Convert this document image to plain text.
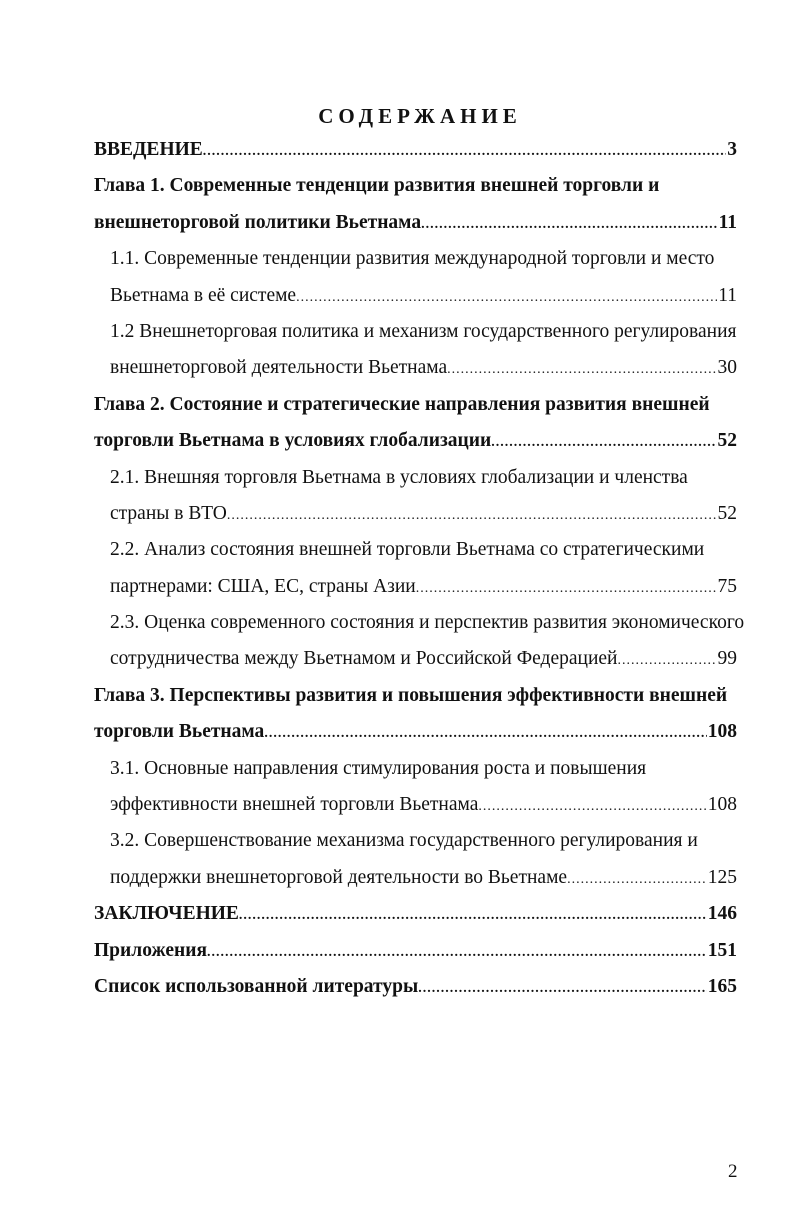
СОДЕРЖАНИЕ
ВВЕДЕНИЕ .....	3
Глава 1. Современные тенденции развития внешней торговли и
внешнеторговой политики Вьетнама .....	11
1.1. Современные тенденции развития международной торговли и место
Вьетнама в её системе .....	11
1.2 Внешнеторговая политика и механизм государственного регулирования
внешнеторговой деятельности Вьетнама .....	30
Глава 2. Состояние и стратегические направления развития внешней
торговли Вьетнама в условиях глобализации .....	52
2.1. Внешняя торговля Вьетнама в условиях глобализации и членства
страны в ВТО .....	52
2.2. Анализ состояния внешней торговли Вьетнама со стратегическими
партнерами: США, ЕС, страны Азии .....	75
2.3. Оценка современного состояния и перспектив развития экономического
сотрудничества между Вьетнамом и Российской Федерацией .....	99
Глава 3. Перспективы развития и повышения эффективности внешней
торговли Вьетнама .....	108
3.1. Основные направления стимулирования роста и повышения
эффективности внешней торговли Вьетнама .....	108
3.2. Совершенствование механизма государственного регулирования и
поддержки внешнеторговой деятельности во Вьетнаме .....	125
ЗАКЛЮЧЕНИЕ .....	146
Приложения .....	151
Список использованной литературы .....	165
2
